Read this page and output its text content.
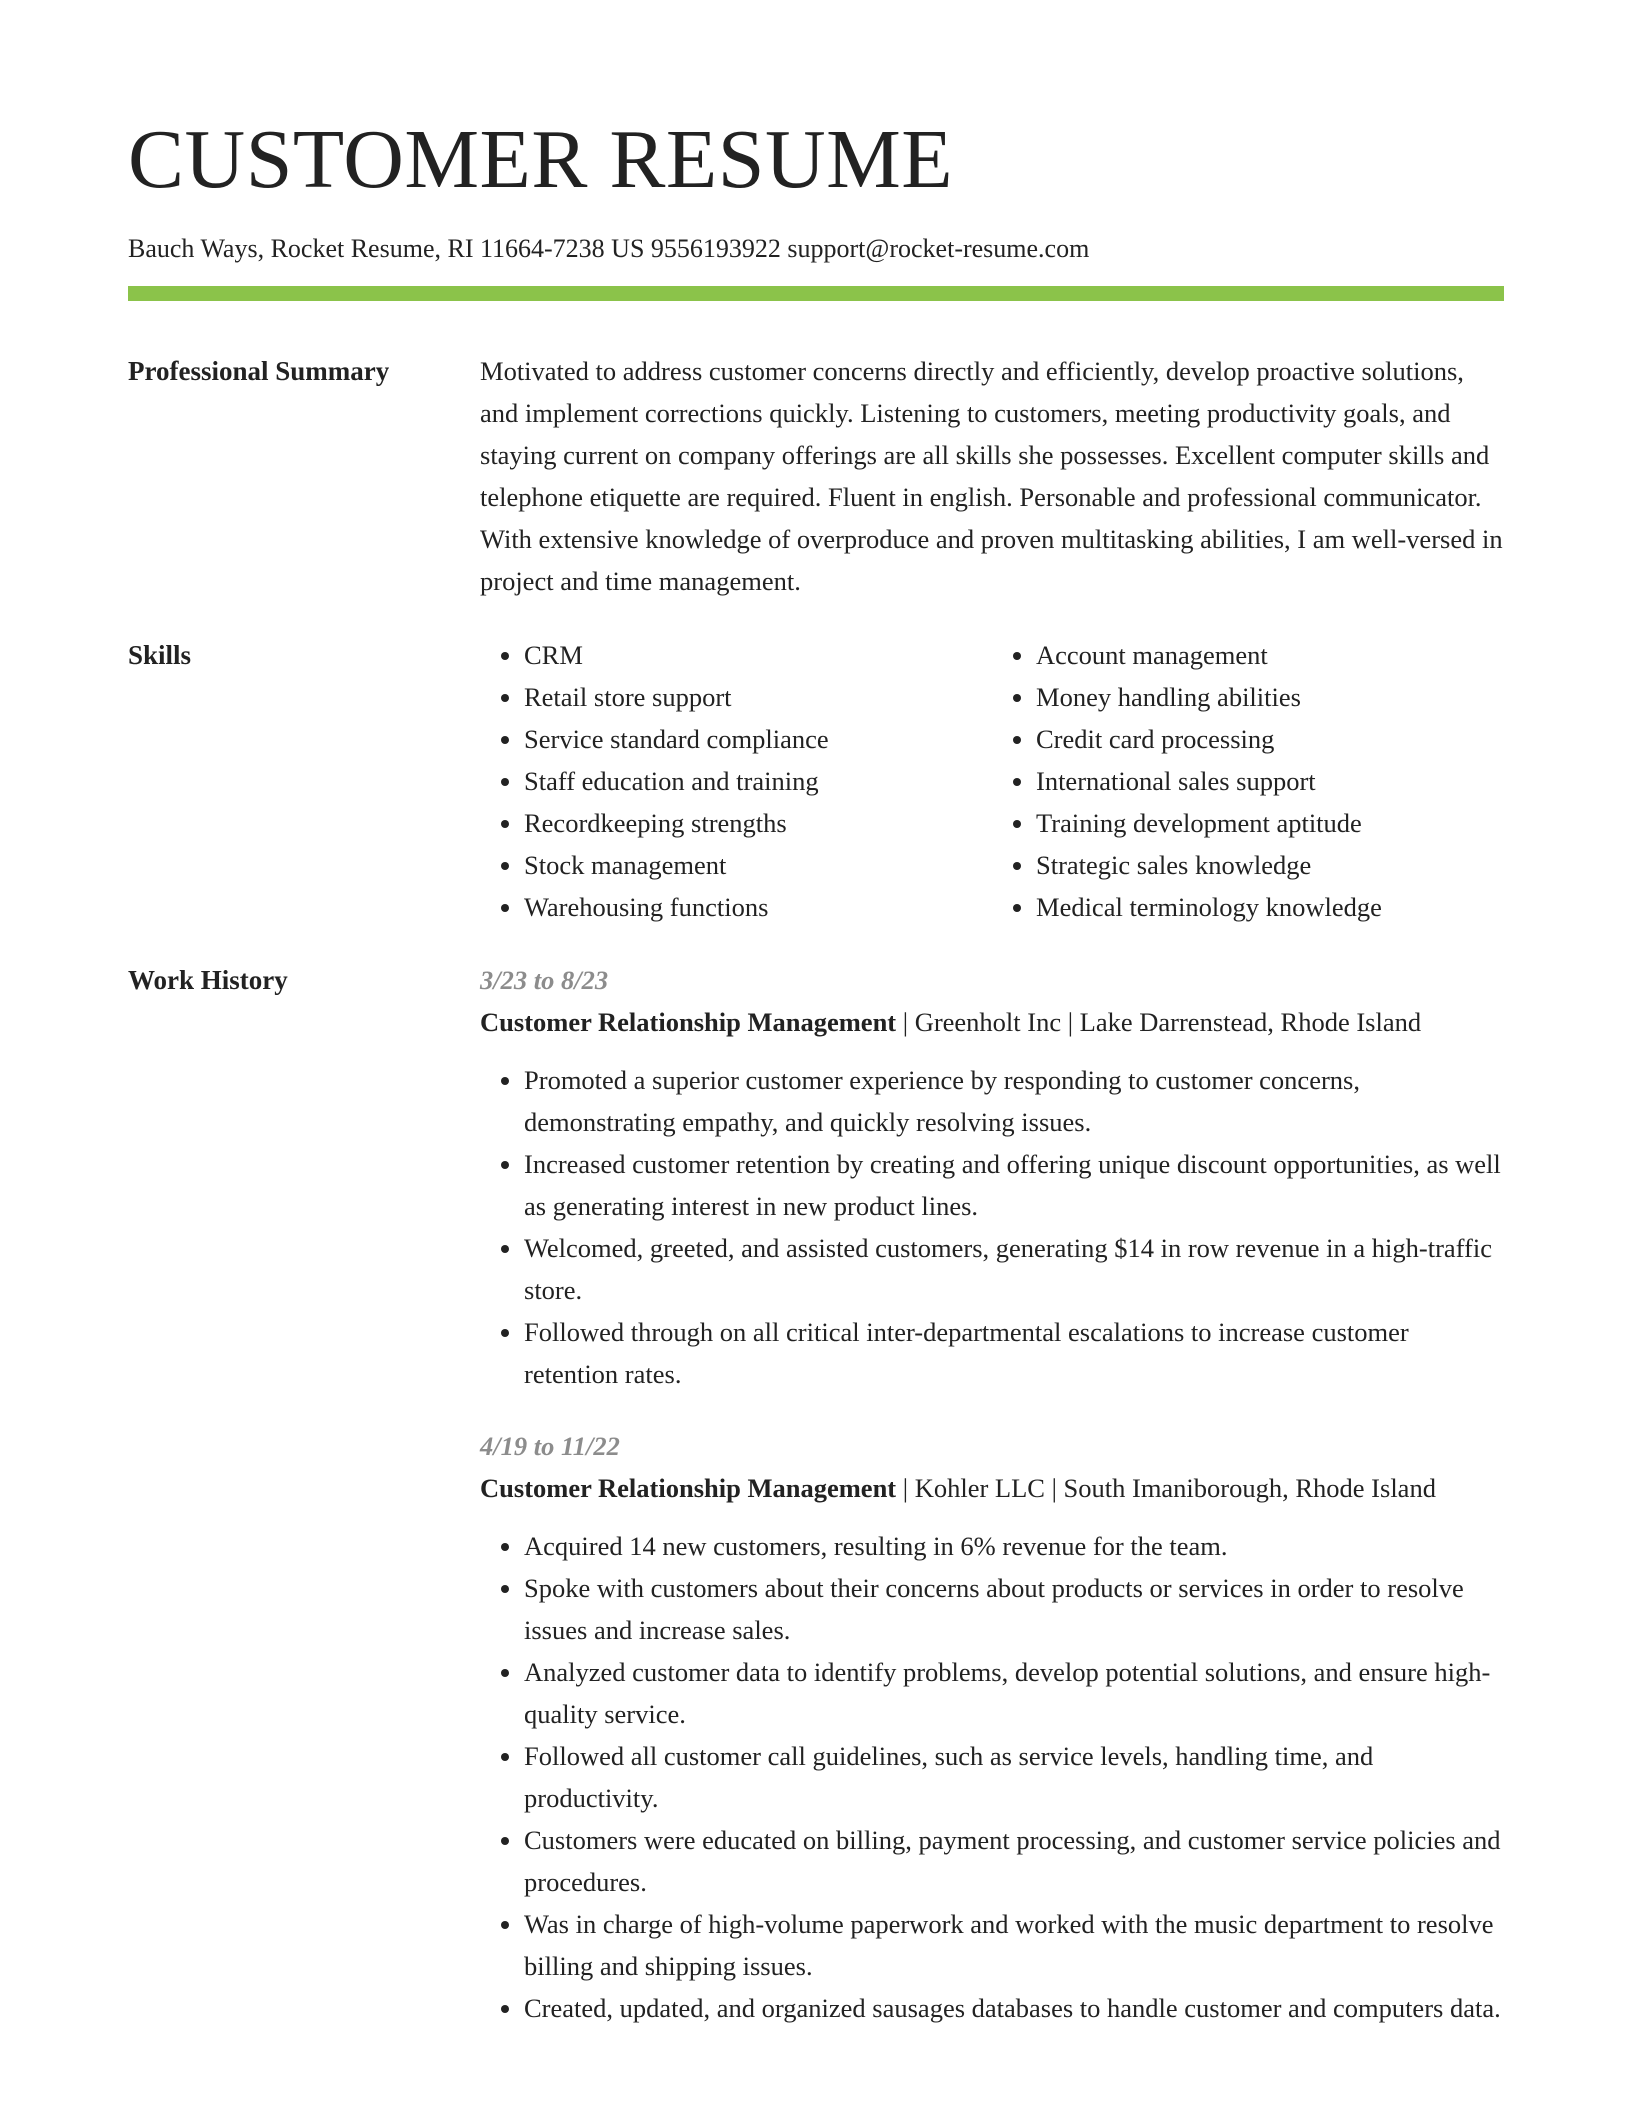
CUSTOMER RESUME
Bauch Ways, Rocket Resume, RI 11664-7238 US 9556193922 support@rocket-resume.com
Professional Summary	Motivated to address customer concerns directly and efficiently, develop proactive solutions, and implement corrections quickly. Listening to customers, meeting productivity goals, and staying current on company offerings are all skills she possesses. Excellent computer skills and telephone etiquette are required. Fluent in english. Personable and professional communicator. With extensive knowledge of overproduce and proven multitasking abilities, I am well-versed in project and time management.

Skills
•	CRM
• Retail store support
• Service standard compliance
• Staff education and training
• Recordkeeping strengths
• Stock management
• Warehousing functions
• Account management
• Money handling abilities
• Credit card processing
• International sales support
• Training development aptitude
• Strategic sales knowledge
• Medical terminology knowledge
Work History	3/23 to 8/23
Customer Relationship Management | Greenholt Inc | Lake Darrenstead, Rhode Island
• Promoted a superior customer experience by responding to customer concerns, demonstrating empathy, and quickly resolving issues.
• Increased customer retention by creating and offering unique discount opportunities, as well as generating interest in new product lines.
• Welcomed, greeted, and assisted customers, generating $14 in row revenue in a high-traffic store.
• Followed through on all critical inter-departmental escalations to increase customer retention rates.
4/19 to 11/22
Customer Relationship Management | Kohler LLC | South Imaniborough, Rhode Island
• Acquired 14 new customers, resulting in 6% revenue for the team.
• Spoke with customers about their concerns about products or services in order to resolve issues and increase sales.
• Analyzed customer data to identify problems, develop potential solutions, and ensure high-quality service.
• Followed all customer call guidelines, such as service levels, handling time, and productivity.
• Customers were educated on billing, payment processing, and customer service policies and procedures.
• Was in charge of high-volume paperwork and worked with the music department to resolve billing and shipping issues.
• Created, updated, and organized sausages databases to handle customer and computers data.
